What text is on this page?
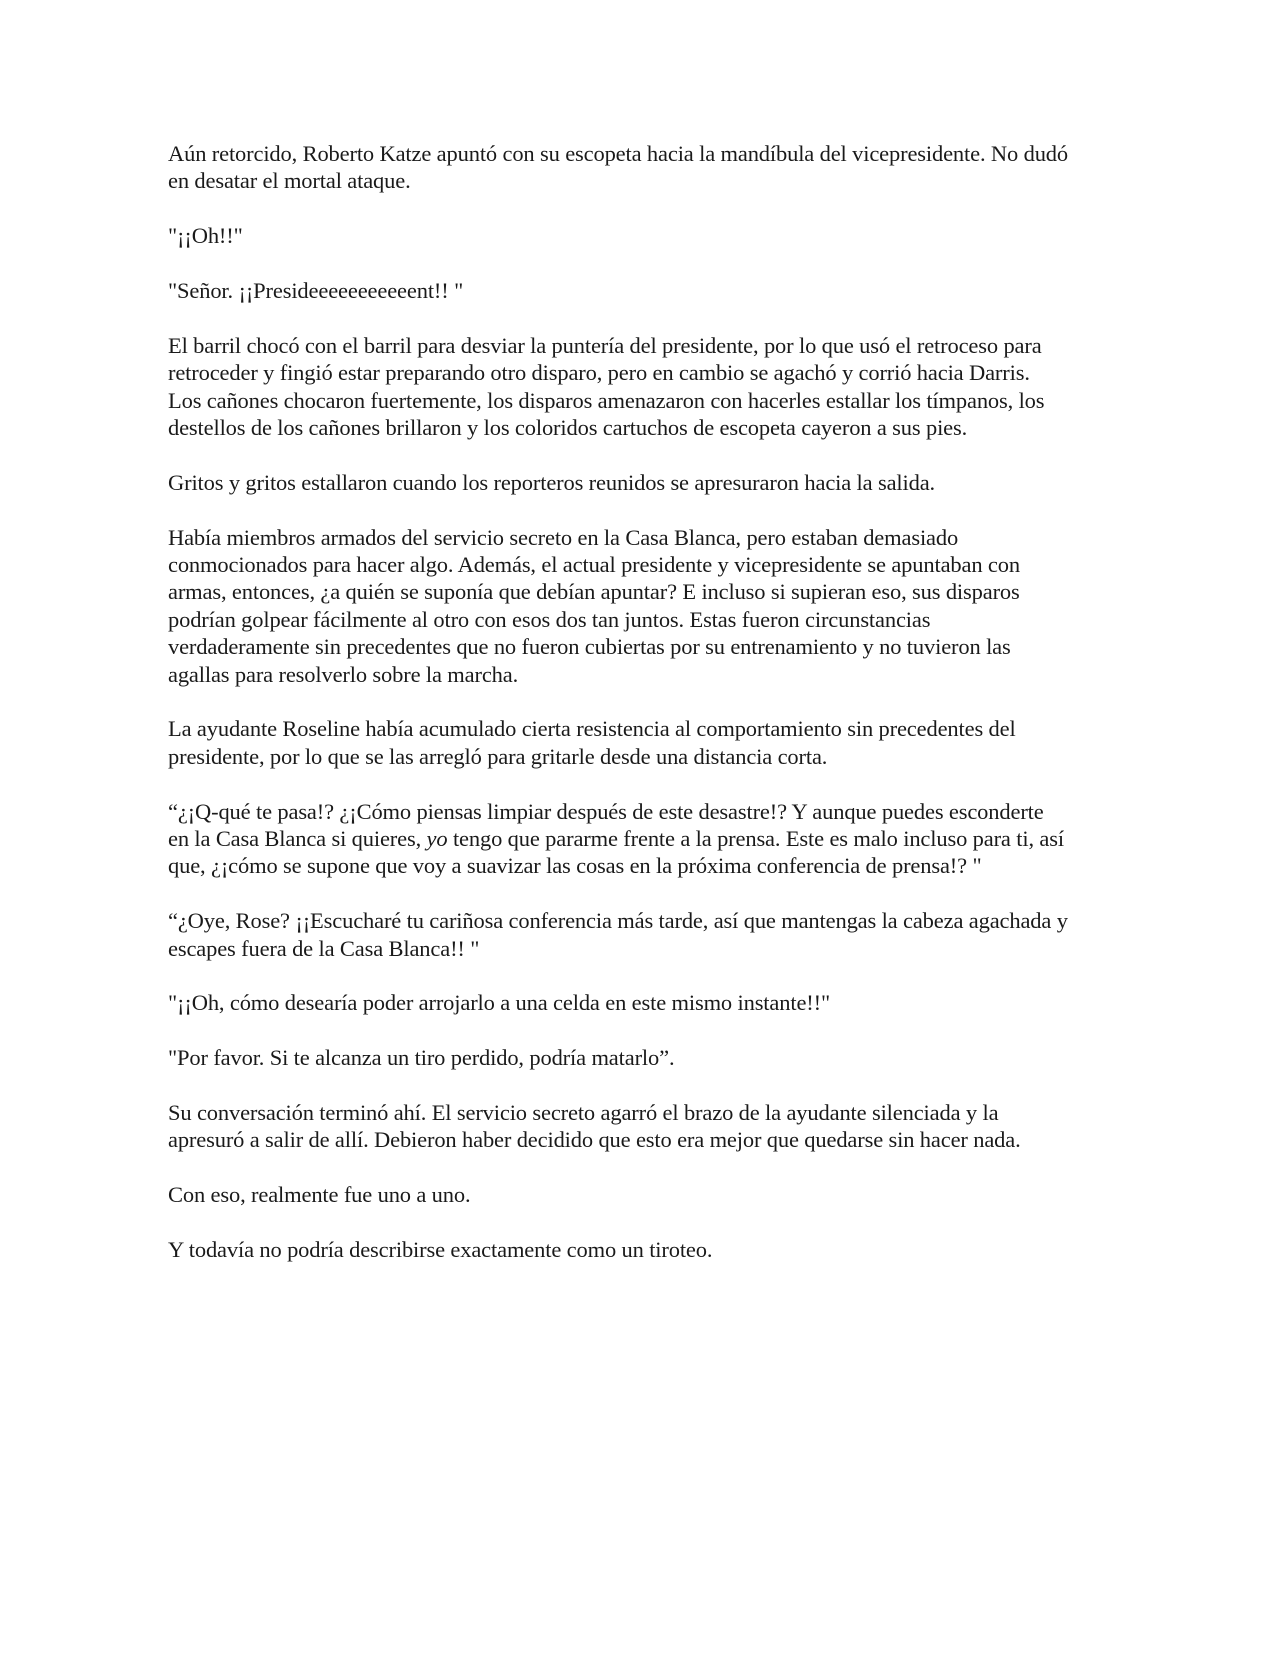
Aún retorcido, Roberto Katze apuntó con su escopeta hacia la mandíbula del vicepresidente. No dudó en desatar el mortal ataque.

"¡¡Oh!!"

"Señor. ¡¡Presideeeeeeeeeeent!! "

El barril chocó con el barril para desviar la puntería del presidente, por lo que usó el retroceso para retroceder y fingió estar preparando otro disparo, pero en cambio se agachó y corrió hacia Darris. Los cañones chocaron fuertemente, los disparos amenazaron con hacerles estallar los tímpanos, los destellos de los cañones brillaron y los coloridos cartuchos de escopeta cayeron a sus pies.

Gritos y gritos estallaron cuando los reporteros reunidos se apresuraron hacia la salida.

Había miembros armados del servicio secreto en la Casa Blanca, pero estaban demasiado conmocionados para hacer algo. Además, el actual presidente y vicepresidente se apuntaban con armas, entonces, ¿a quién se suponía que debían apuntar? E incluso si supieran eso, sus disparos podrían golpear fácilmente al otro con esos dos tan juntos. Estas fueron circunstancias verdaderamente sin precedentes que no fueron cubiertas por su entrenamiento y no tuvieron las agallas para resolverlo sobre la marcha.

La ayudante Roseline había acumulado cierta resistencia al comportamiento sin precedentes del presidente, por lo que se las arregló para gritarle desde una distancia corta.

“¿¡Q-qué te pasa!? ¿¡Cómo piensas limpiar después de este desastre!? Y aunque puedes esconderte en la Casa Blanca si quieres, yo tengo que pararme frente a la prensa. Este es malo incluso para ti, así que, ¿¡cómo se supone que voy a suavizar las cosas en la próxima conferencia de prensa!? "

“¿Oye, Rose? ¡¡Escucharé tu cariñosa conferencia más tarde, así que mantengas la cabeza agachada y escapes fuera de la Casa Blanca!! "

"¡¡Oh, cómo desearía poder arrojarlo a una celda en este mismo instante!!"

"Por favor. Si te alcanza un tiro perdido, podría matarlo”.

Su conversación terminó ahí. El servicio secreto agarró el brazo de la ayudante silenciada y la apresuró a salir de allí. Debieron haber decidido que esto era mejor que quedarse sin hacer nada.

Con eso, realmente fue uno a uno.

Y todavía no podría describirse exactamente como un tiroteo.
